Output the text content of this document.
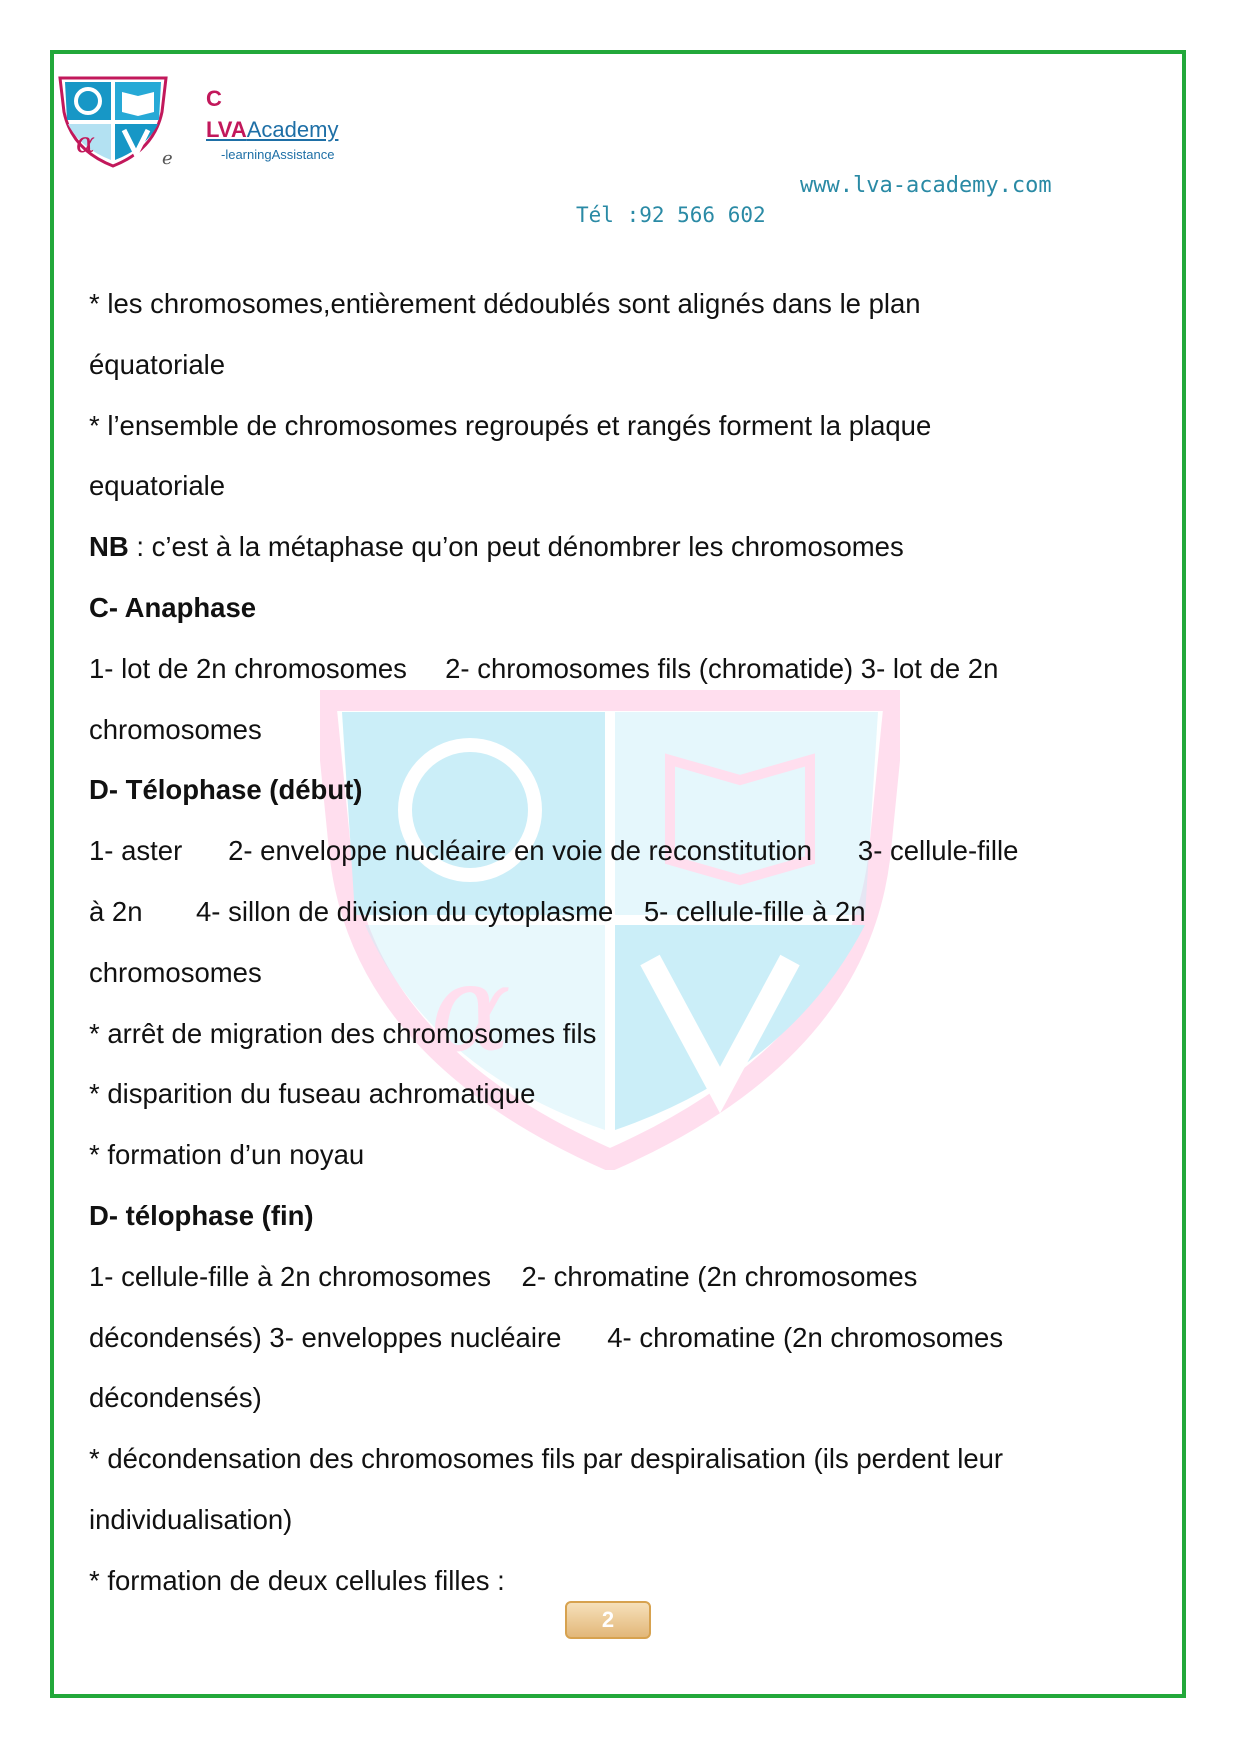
α
α	e
C
LVAAcademy
-learningAssistance
www.lva-academy.com
Tél :92 566 602
* les chromosomes,entièrement dédoublés sont alignés dans le plan
équatoriale
* l’ensemble de chromosomes regroupés et rangés forment la plaque
equatoriale
NB : c’est à la métaphase qu’on peut dénombrer les chromosomes
C- Anaphase
1- lot de 2n chromosomes     2- chromosomes fils (chromatide) 3- lot de 2n
chromosomes
D- Télophase (début)
1- aster      2- enveloppe nucléaire en voie de reconstitution      3- cellule-fille
à 2n       4- sillon de division du cytoplasme    5- cellule-fille à 2n
chromosomes
* arrêt de migration des chromosomes fils
* disparition du fuseau achromatique
* formation d’un noyau
D- télophase (fin)
1- cellule-fille à 2n chromosomes    2- chromatine (2n chromosomes
décondensés) 3- enveloppes nucléaire      4- chromatine (2n chromosomes
décondensés)
* décondensation des chromosomes fils par despiralisation (ils perdent leur
individualisation)
* formation de deux cellules filles :
2
